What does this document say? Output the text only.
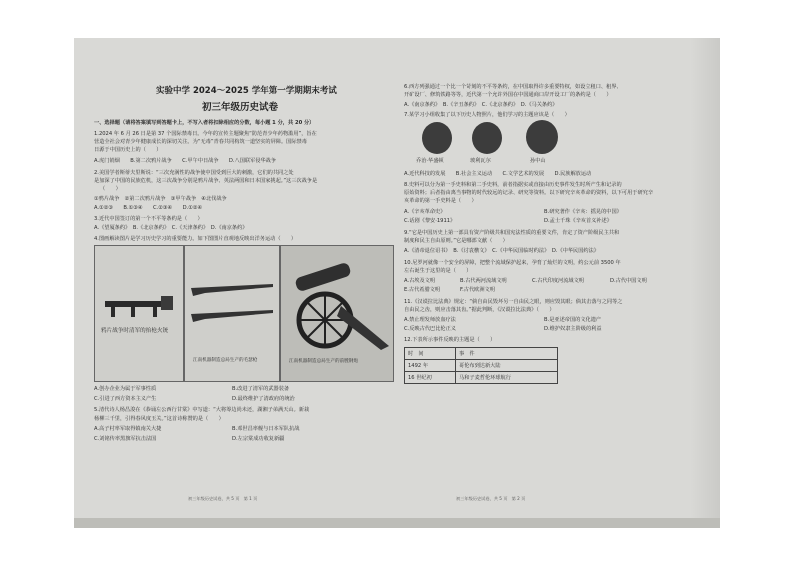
实验中学 2024～2025 学年第一学期期末考试
初三年级历史试卷
一、选择题（请将答案填写到答题卡上，不写入者将扣除相应的分数，每小题 1 分，共 20 分）
1.2024 年 6 月 26 日是第 37 个国际禁毒日。今年的宣传主题聚焦“防范青少年药物滥用”，旨在
营造全社会对青少年健康成长的深切关注。为“无毒”青春共同构筑一道坚实的屏障。国际禁毒
日源于中国历史上的（　　）
A.虎门销烟　　B.第二次鸦片战争　　C.甲午中日战争　　D.八国联军侵华战争
2.美国学者斯蒂夫里斯说：“三次充满性的战争使中国受到巨大的刺激，它们的共同之处
是加深了中国的民族危机，这三次战争分别是鸦片战争、英法两国和日本国家挑起。”这三次战争是
（　　）
①鸦片战争　②第二次鸦片战争　③甲午战争　④北伐战争
A.①②③　　B.①③④　　C.②③④　　D.①②④
3.近代中国签订的第一个不平等条约是（　　）
A.《望厦条约》　B.《北京条约》　C.《天津条约》　D.《南京条约》
4.图画解读图片是学习历史学习的重要能力。如下图图片直观地反映出洋务运动（　　）
鸦片战争时清军的抬枪火铳
江南机器制造总局生产的毛瑟枪	江南机器制造总局生产的前膛钢炮
A.创办企业为属于军事性质	B.改进了清军的武器装备
C.引进了西方资本主义产生	D.最终维护了清政府的统治
5.清代诗人杨昌浚在《恭诵左公西行甘棠》中写道：“大将筹边尚未还，湖湘子弟满天山。新栽
杨柳三千里，引得春风度玉关。”这首诗称赞的是（　　）
A.高子村率军取得镇南关大捷	B.邓世昌率舰与日本军队抗战
C.刘铭传率黑旗军抗击法国	D.左宗棠成功收复新疆
初三年级历史试卷，共 5 页　第 1 页
6.西方列强通过一个比一个苛刻的不平等条约，在中国取得许多重要特权，如设立租口、租界、
开矿设厂、修筑铁路等等，近代第一个允许外国在中国通商口岸开设工厂的条约是（　　）
A.《南京条约》　B.《辛丑条约》　C.《北京条约》　D.《马关条约》
7.某学习小组收集了以下历史人物照片，他们学习的主题应该是（　　）
乔治·华盛顿	玻利瓦尔	孙中山
A.近代科技的发展　　B.社会主义运动　　C.文学艺术的发展　　D.民族解放运动
8.史料可以分为第一手史料和第二手史料，前者指据实或直接由历史事件发生时所产生和记录的
原始资料；后者指由离当事物的时代较远的记录、研究等资料。以下研究辛亥革命的资料，以下可用于研究辛
亥革命的第一手史料是（　　）
A.《辛亥革命史》	B.研究著作《辛亥：摇晃的中国》
C.话剧《黎安·1911》	D.孟士千珠《辛亥首义补述》
9.“它是中国历史上第一部具有资产阶级共和国宪法性质的重要文件，肯定了资产阶级民主共和
制度和民主自由原则。”它是哪部文献（　　）
A.《清帝退位诏书》　B.《讨袁檄文》　C.《中华民国临时约法》　D.《中华民国约法》
10.尼罗河就像一个安全的屏障，把整个流域保护起来，孕育了灿烂的文明，约公元前 3500 年
左右诞生于这里的是（　　）
A.古埃及文明	B.古代两河流域文明	C.古代印度河流域文明	D.古代中国文明
E.古代希腊文明	F.古代欧洲文明
11.《汉谟拉比法典》规定：“倘自由民毁坏另一自由民之眼，则应毁其眼；倘其击落与之同等之
自由民之齿，则应击落其齿。”据此判断，《汉谟拉比法典》（　　）
A.禁止理发师放血疗法	B.是亚述帝国的文化遗产
C.反映古代巴比伦正义	D.维护奴隶主阶级的利益
12.下表所示事件反映的主题是（　　）
时　间	事　件
1492 年	哥伦布到达新大陆
16 世纪初	马和子麦哲伦环球航行
初三年级历史试卷，共 5 页　第 2 页
